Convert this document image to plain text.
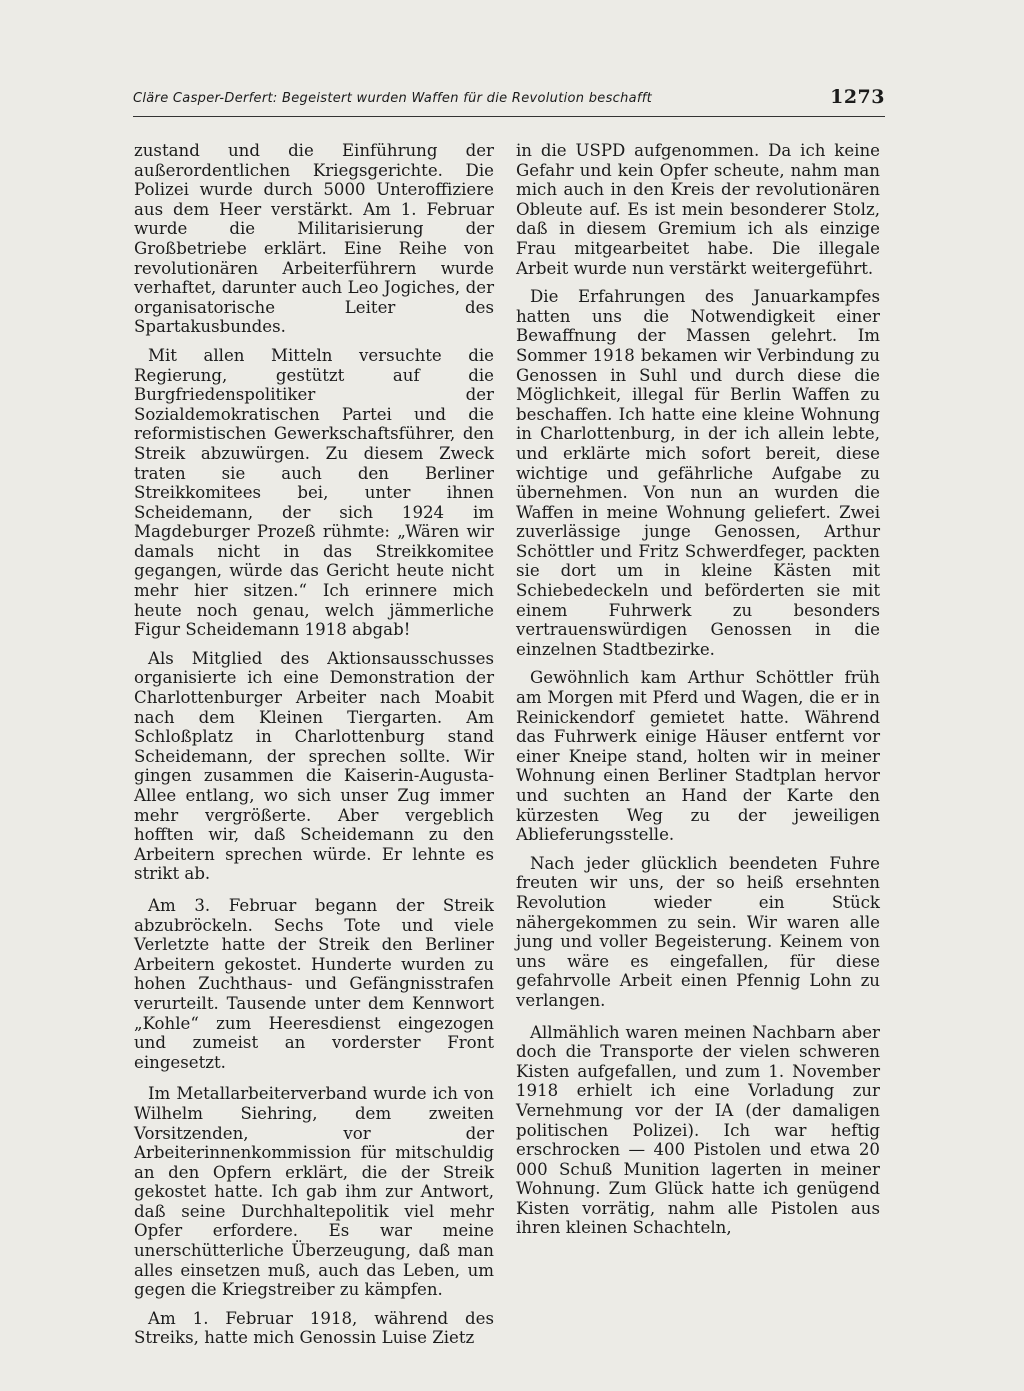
Cläre Casper-Derfert: Begeistert wurden Waffen für die Revolution beschafft	1273

zustand und die Einführung der außerordentlichen Kriegsgerichte. Die Polizei wurde durch 5000 Unteroffiziere aus dem Heer verstärkt. Am 1. Februar wurde die Militarisierung der Großbetriebe erklärt. Eine Reihe von revolutionären Arbeiterführern wurde verhaftet, darunter auch Leo Jogiches, der organisatorische Leiter des Spartakusbundes.

Mit allen Mitteln versuchte die Regierung, gestützt auf die Burgfriedenspolitiker der Sozialdemokratischen Partei und die reformistischen Gewerkschaftsführer, den Streik abzuwürgen. Zu diesem Zweck traten sie auch den Berliner Streikkomitees bei, unter ihnen Scheidemann, der sich 1924 im Magdeburger Prozeß rühmte: „Wären wir damals nicht in das Streikkomitee gegangen, würde das Gericht heute nicht mehr hier sitzen.“ Ich erinnere mich heute noch genau, welch jämmerliche Figur Scheidemann 1918 abgab!

Als Mitglied des Aktionsausschusses organisierte ich eine Demonstration der Charlottenburger Arbeiter nach Moabit nach dem Kleinen Tiergarten. Am Schloßplatz in Charlottenburg stand Scheidemann, der sprechen sollte. Wir gingen zusammen die Kaiserin-Augusta-Allee entlang, wo sich unser Zug immer mehr vergrößerte. Aber vergeblich hofften wir, daß Scheidemann zu den Arbeitern sprechen würde. Er lehnte es strikt ab.

Am 3. Februar begann der Streik abzubröckeln. Sechs Tote und viele Verletzte hatte der Streik den Berliner Arbeitern gekostet. Hunderte wurden zu hohen Zuchthaus- und Gefängnisstrafen verurteilt. Tausende unter dem Kennwort „Kohle“ zum Heeresdienst eingezogen und zumeist an vorderster Front eingesetzt.

Im Metallarbeiterverband wurde ich von Wilhelm Siehring, dem zweiten Vorsitzenden, vor der Arbeiterinnenkommission für mitschuldig an den Opfern erklärt, die der Streik gekostet hatte. Ich gab ihm zur Antwort, daß seine Durchhaltepolitik viel mehr Opfer erfordere. Es war meine unerschütterliche Überzeugung, daß man alles einsetzen muß, auch das Leben, um gegen die Kriegstreiber zu kämpfen.

Am 1. Februar 1918, während des Streiks, hatte mich Genossin Luise Zietz

in die USPD aufgenommen. Da ich keine Gefahr und kein Opfer scheute, nahm man mich auch in den Kreis der revolutionären Obleute auf. Es ist mein besonderer Stolz, daß in diesem Gremium ich als einzige Frau mitgearbeitet habe. Die illegale Arbeit wurde nun verstärkt weitergeführt.

Die Erfahrungen des Januarkampfes hatten uns die Notwendigkeit einer Bewaffnung der Massen gelehrt. Im Sommer 1918 bekamen wir Verbindung zu Genossen in Suhl und durch diese die Möglichkeit, illegal für Berlin Waffen zu beschaffen. Ich hatte eine kleine Wohnung in Charlottenburg, in der ich allein lebte, und erklärte mich sofort bereit, diese wichtige und gefährliche Aufgabe zu übernehmen. Von nun an wurden die Waffen in meine Wohnung geliefert. Zwei zuverlässige junge Genossen, Arthur Schöttler und Fritz Schwerdfeger, packten sie dort um in kleine Kästen mit Schiebedeckeln und beförderten sie mit einem Fuhrwerk zu besonders vertrauenswürdigen Genossen in die einzelnen Stadtbezirke.

Gewöhnlich kam Arthur Schöttler früh am Morgen mit Pferd und Wagen, die er in Reinickendorf gemietet hatte. Während das Fuhrwerk einige Häuser entfernt vor einer Kneipe stand, holten wir in meiner Wohnung einen Berliner Stadtplan hervor und suchten an Hand der Karte den kürzesten Weg zu der jeweiligen Ablieferungsstelle.

Nach jeder glücklich beendeten Fuhre freuten wir uns, der so heiß ersehnten Revolution wieder ein Stück nähergekommen zu sein. Wir waren alle jung und voller Begeisterung. Keinem von uns wäre es eingefallen, für diese gefahrvolle Arbeit einen Pfennig Lohn zu verlangen.

Allmählich waren meinen Nachbarn aber doch die Transporte der vielen schweren Kisten aufgefallen, und zum 1. November 1918 erhielt ich eine Vorladung zur Vernehmung vor der IA (der damaligen politischen Polizei). Ich war heftig erschrocken — 400 Pistolen und etwa 20 000 Schuß Munition lagerten in meiner Wohnung. Zum Glück hatte ich genügend Kisten vorrätig, nahm alle Pistolen aus ihren kleinen Schachteln,
